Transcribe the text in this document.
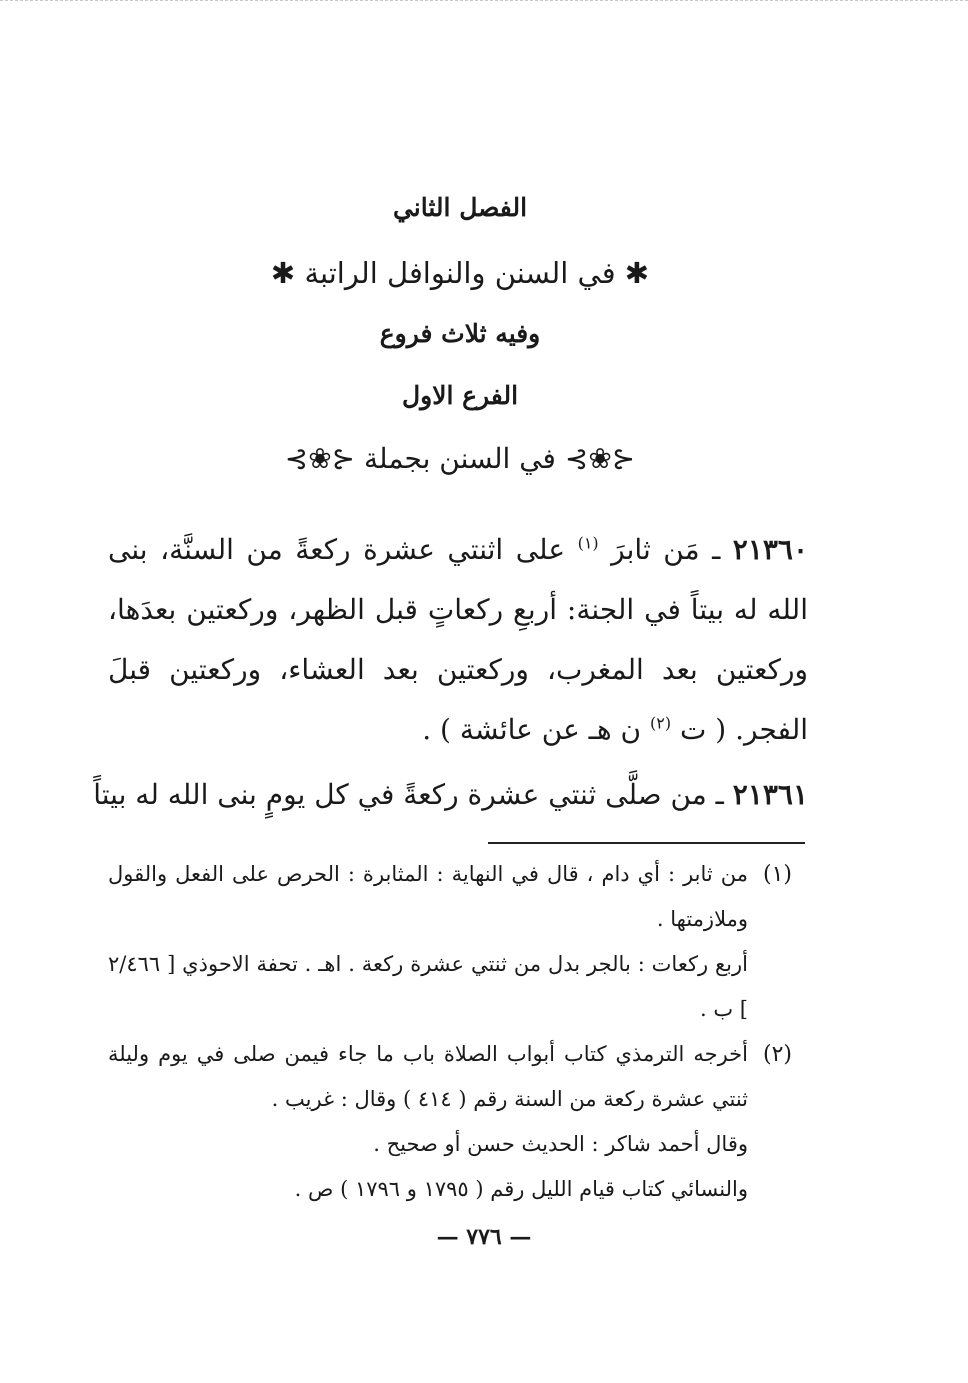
الفصل الثاني
✱ في السنن والنوافل الراتبة ✱
وفيه ثلاث فروع
الفرع الاول
⊰❀⊱ في السنن بجملة ⊰❀⊱
٢١٣٦٠ ـ مَن ثابرَ $^{(١)}$ على اثنتي عشرة ركعةً من السنَّة، بنى الله له بيتاً في الجنة: أربعِ ركعاتٍ قبل الظهر، وركعتين بعدَها، وركعتين بعد المغرب، وركعتين بعد العشاء، وركعتين قبلَ الفجر. ( ت $^{(٢)}$ ن هـ عن عائشة ) .
٢١٣٦١ ـ من صلَّى ثنتي عشرة ركعةً في كل يومٍ بنى الله له بيتاً
(١)
من ثابر : أي دام ، قال في النهاية : المثابرة : الحرص على الفعل والقول وملازمتها .
أربع ركعات : بالجر بدل من ثنتي عشرة ركعة . اهـ . تحفة الاحوذي [ ٢/٤٦٦ ] ب .
(٢)
أخرجه الترمذي كتاب أبواب الصلاة باب ما جاء فيمن صلى في يوم وليلة ثنتي عشرة ركعة من السنة رقم ( ٤١٤ ) وقال : غريب .
وقال أحمد شاكر : الحديث حسن أو صحيح .
والنسائي كتاب قيام الليل رقم ( ١٧٩٥ و ١٧٩٦ ) ص .
— ٧٧٦ —
